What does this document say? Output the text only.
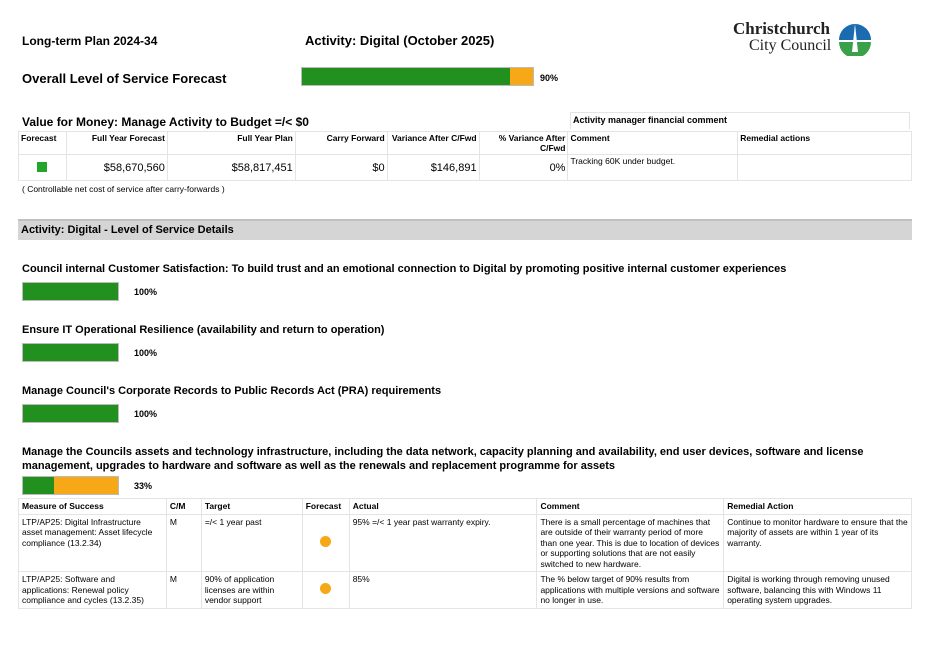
Long-term Plan 2024-34	Activity: Digital (October 2025)
Christchurch
City Council
Overall Level of Service Forecast	90%
Value for Money: Manage Activity to Budget =/< $0	Activity manager financial comment
Forecast	Full Year Forecast	Full Year Plan	Carry Forward	Variance After C/Fwd	% Variance After C/Fwd	Comment	Remedial actions
	$58,670,560	$58,817,451	$0	$146,891	0%	Tracking 60K under budget.	
( Controllable net cost of service after carry-forwards )
Activity: Digital - Level of Service Details
Council internal Customer Satisfaction: To build trust and an emotional connection to Digital by promoting positive internal customer experiences
100%
Ensure IT Operational Resilience (availability and return to operation)
100%
Manage Council's Corporate Records to Public Records Act (PRA) requirements
100%
Manage the Councils assets and technology infrastructure, including the data network, capacity planning and availability, end user devices, software and license management, upgrades to hardware and software as well as the renewals and replacement programme for assets
33%
Measure of Success	C/M	Target	Forecast	Actual	Comment	Remedial Action
LTP/AP25: Digital Infrastructure asset management: Asset lifecycle compliance (13.2.34)	M	=/< 1 year past		95% =/< 1 year past warranty expiry.	There is a small percentage of machines that are outside of their warranty period of more than one year. This is due to location of devices or supporting solutions that are not easily switched to new hardware.	Continue to monitor hardware to ensure that the majority of assets are within 1 year of its warranty.
LTP/AP25: Software and applications: Renewal policy compliance and cycles (13.2.35)	M	90% of application licenses are within vendor support		85%	The % below target of 90% results from applications with multiple versions and software no longer in use.	Digital is working through removing unused software, balancing this with Windows 11 operating system upgrades.
